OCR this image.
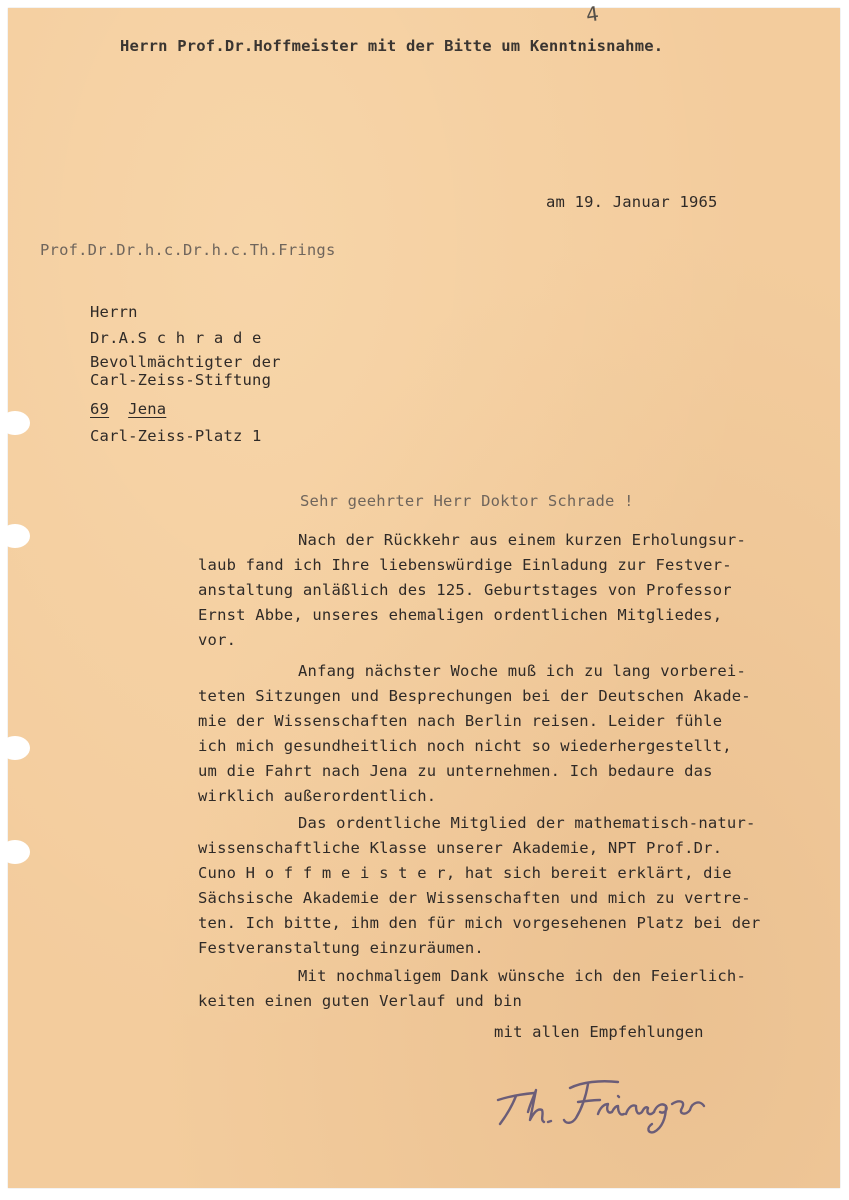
4
Herrn Prof.Dr.Hoffmeister mit der Bitte um Kenntnisnahme.
am 19. Januar 1965
Prof.Dr.Dr.h.c.Dr.h.c.Th.Frings
Herrn
Dr.A.S c h r a d e
Bevollmächtigter der
Carl-Zeiss-Stiftung
69 Jena
Carl-Zeiss-Platz 1
Sehr geehrter Herr Doktor Schrade !
Nach der Rückkehr aus einem kurzen Erholungsur-
laub fand ich Ihre liebenswürdige Einladung zur Festver-
anstaltung anläßlich des 125. Geburtstages von Professor
Ernst Abbe, unseres ehemaligen ordentlichen Mitgliedes,
vor.
Anfang nächster Woche muß ich zu lang vorberei-
teten Sitzungen und Besprechungen bei der Deutschen Akade-
mie der Wissenschaften nach Berlin reisen. Leider fühle
ich mich gesundheitlich noch nicht so wiederhergestellt,
um die Fahrt nach Jena zu unternehmen. Ich bedaure das
wirklich außerordentlich.
Das ordentliche Mitglied der mathematisch-natur-
wissenschaftliche Klasse unserer Akademie, NPT Prof.Dr.
Cuno H o f f m e i s t e r, hat sich bereit erklärt, die
Sächsische Akademie der Wissenschaften und mich zu vertre-
ten. Ich bitte, ihm den für mich vorgesehenen Platz bei der
Festveranstaltung einzuräumen.
Mit nochmaligem Dank wünsche ich den Feierlich-
keiten einen guten Verlauf und bin
mit allen Empfehlungen
